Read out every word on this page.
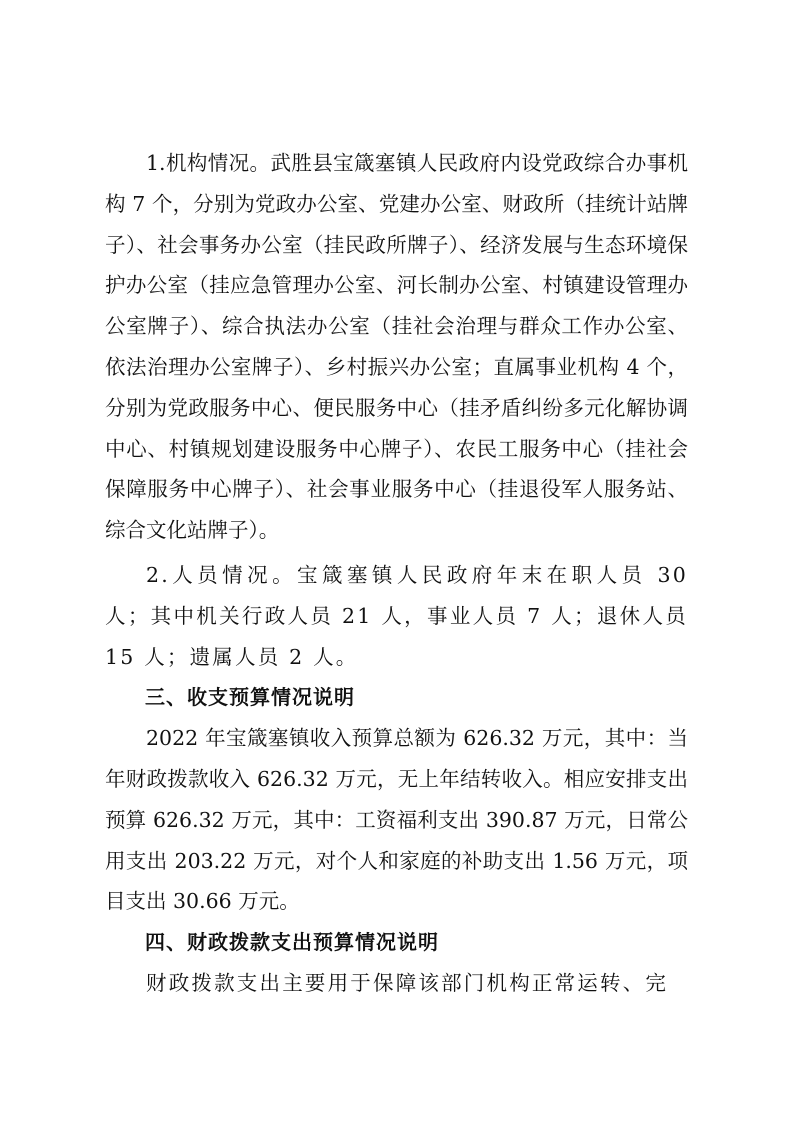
1.机构情况。武胜县宝箴塞镇人民政府内设党政综合办事机构 7 个，分别为党政办公室、党建办公室、财政所（挂统计站牌子）、社会事务办公室（挂民政所牌子）、经济发展与生态环境保护办公室（挂应急管理办公室、河长制办公室、村镇建设管理办公室牌子）、综合执法办公室（挂社会治理与群众工作办公室、依法治理办公室牌子）、乡村振兴办公室；直属事业机构 4 个，分别为党政服务中心、便民服务中心（挂矛盾纠纷多元化解协调中心、村镇规划建设服务中心牌子）、农民工服务中心（挂社会保障服务中心牌子）、社会事业服务中心（挂退役军人服务站、综合文化站牌子）。

2.人员情况。宝箴塞镇人民政府年末在职人员 30 人；其中机关行政人员 21 人，事业人员 7 人；退休人员 15 人；遗属人员 2 人。

三、收支预算情况说明

2022 年宝箴塞镇收入预算总额为 626.32 万元，其中：当年财政拨款收入 626.32 万元，无上年结转收入。相应安排支出预算 626.32 万元，其中：工资福利支出 390.87 万元，日常公用支出 203.22 万元，对个人和家庭的补助支出 1.56 万元，项目支出 30.66 万元。

四、财政拨款支出预算情况说明

财政拨款支出主要用于保障该部门机构正常运转、完
